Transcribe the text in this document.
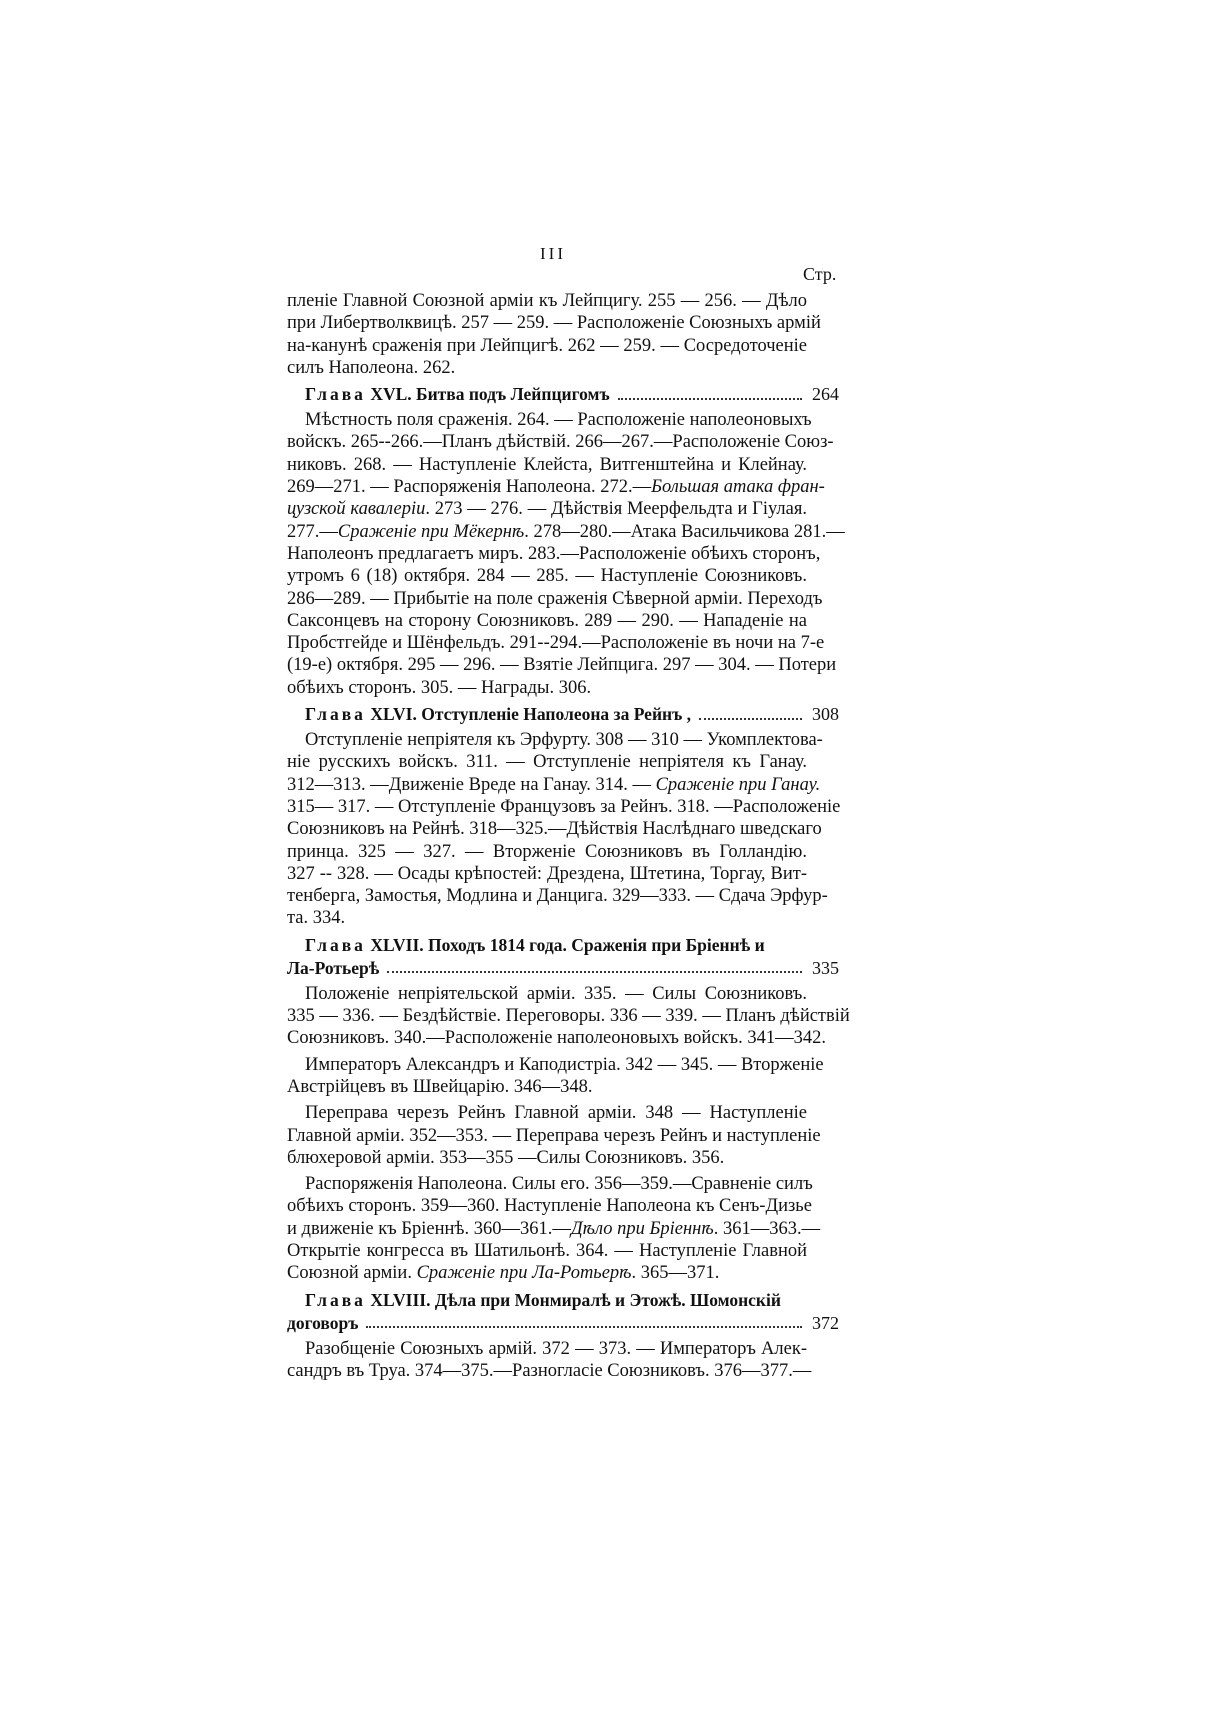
III
Стр.
пленіе Главной Союзной арміи къ Лейпцигу. 255 — 256. — Дѣло
при Либертволквицѣ. 257 — 259. — Расположеніе Союзныхъ армій
на-канунѣ сраженія при Лейпцигѣ. 262 — 259. — Сосредоточеніе
силъ Наполеона. 262.
Глава XVL. Битва подъ Лейпцигомъ	264
Мѣстность поля сраженія. 264. — Расположеніе наполеоновыхъ
войскъ. 265--266.—Планъ дѣйствій. 266—267.—Расположеніе Союз-
никовъ. 268. — Наступленіе Клейста, Витгенштейна и Клейнау.
269—271. — Распоряженія Наполеона. 272.—Большая атака фран-
цузской кавалеріи. 273 — 276. — Дѣйствія Меерфельдта и Гіулая.
277.—Сраженіе при Мёкернѣ. 278—280.—Атака Васильчикова 281.—
Наполеонъ предлагаетъ миръ. 283.—Расположеніе обѣихъ сторонъ,
утромъ 6 (18) октября. 284 — 285. — Наступленіе Союзниковъ.
286—289. — Прибытіе на поле сраженія Сѣверной арміи. Переходъ
Саксонцевъ на сторону Союзниковъ. 289 — 290. — Нападеніе на
Пробстгейде и Шёнфельдъ. 291--294.—Расположеніе въ ночи на 7-е
(19-е) октября. 295 — 296. — Взятіе Лейпцига. 297 — 304. — Потери
обѣихъ сторонъ. 305. — Награды. 306.
Глава XLVI. Отступленіе Наполеона за Рейнъ ,	308
Отступленіе непріятеля къ Эрфурту. 308 — 310 — Укомплектова-
ніе русскихъ войскъ. 311. — Отступленіе непріятеля къ Ганау.
312—313. —Движеніе Вреде на Ганау. 314. — Сраженіе при Ганау.
315— 317. — Отступленіе Французовъ за Рейнъ. 318. —Расположеніе
Союзниковъ на Рейнѣ. 318—325.—Дѣйствія Наслѣднаго шведскаго
принца. 325 — 327. — Вторженіе Союзниковъ въ Голландію.
327 -- 328. — Осады крѣпостей: Дрездена, Штетина, Торгау, Вит-
тенберга, Замостья, Модлина и Данцига. 329—333. — Сдача Эрфур-
та. 334.
Глава XLVII. Походъ 1814 года. Сраженія при Бріеннѣ и
Ла-Ротьерѣ	335
Положеніе непріятельской арміи. 335. — Силы Союзниковъ.
335 — 336. — Бездѣйствіе. Переговоры. 336 — 339. — Планъ дѣйствій
Союзниковъ. 340.—Расположеніе наполеоновыхъ войскъ. 341—342.
Императоръ Александръ и Каподистріа. 342 — 345. — Вторженіе
Австрійцевъ въ Швейцарію. 346—348.
Переправа черезъ Рейнъ Главной арміи. 348 — Наступленіе
Главной арміи. 352—353. — Переправа черезъ Рейнъ и наступленіе
блюхеровой арміи. 353—355 —Силы Союзниковъ. 356.
Распоряженія Наполеона. Силы его. 356—359.—Сравненіе силъ
обѣихъ сторонъ. 359—360. Наступленіе Наполеона къ Сенъ-Дизье
и движеніе къ Бріеннѣ. 360—361.—Дѣло при Бріеннѣ. 361—363.—
Открытіе конгресса въ Шатильонѣ. 364. — Наступленіе Главной
Союзной арміи. Сраженіе при Ла-Ротьерѣ. 365—371.
Глава XLVIII. Дѣла при Монмиралѣ и Этожѣ. Шомонскій
договоръ	372
Разобщеніе Союзныхъ армій. 372 — 373. — Императоръ Алек-
сандръ въ Труа. 374—375.—Разногласіе Союзниковъ. 376—377.—
